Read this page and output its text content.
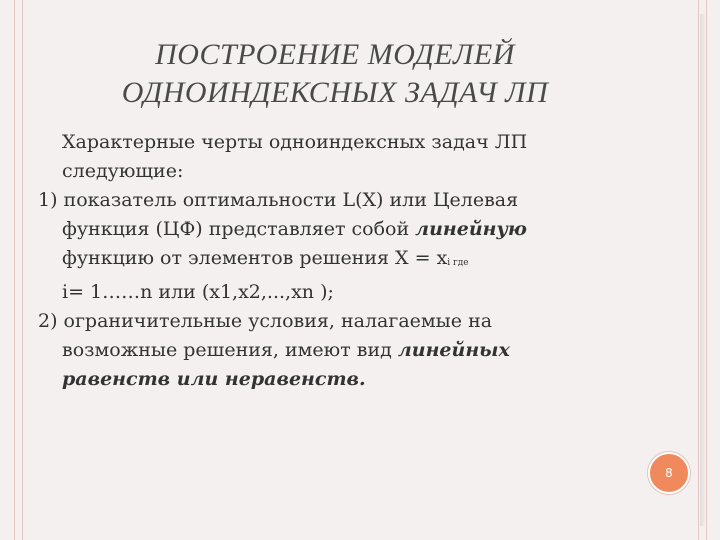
ПОСТРОЕНИЕ МОДЕЛЕЙ
ОДНОИНДЕКСНЫХ ЗАДАЧ ЛП

Характерные черты одноиндексных задач ЛП
следующие:

1) показатель оптимальности L(X) или Целевая
функция (ЦФ) представляет собой линейную
функцию от элементов решения X = xi где
i= 1……n или (x1,x2,...,xn );

2) ограничительные условия, налагаемые на
возможные решения, имеют вид линейных
равенств или неравенств.

8
